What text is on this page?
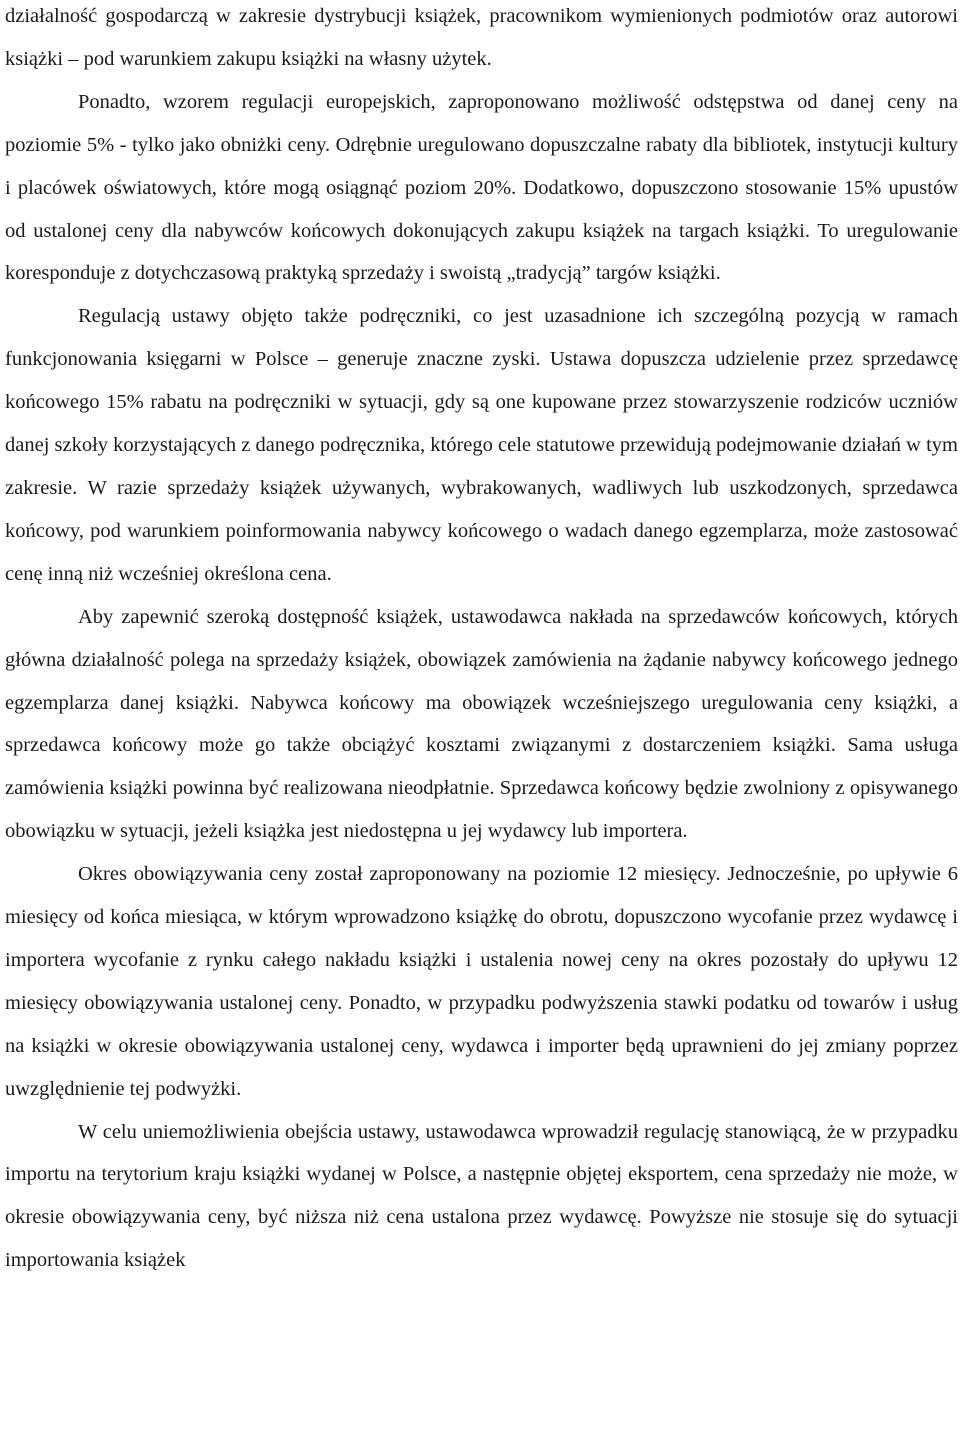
działalność gospodarczą w zakresie dystrybucji książek, pracownikom wymienionych podmiotów oraz autorowi książki – pod warunkiem zakupu książki na własny użytek.

Ponadto, wzorem regulacji europejskich, zaproponowano możliwość odstępstwa od danej ceny na poziomie 5% - tylko jako obniżki ceny. Odrębnie uregulowano dopuszczalne rabaty dla bibliotek, instytucji kultury i placówek oświatowych, które mogą osiągnąć poziom 20%. Dodatkowo, dopuszczono stosowanie 15% upustów od ustalonej ceny dla nabywców końcowych dokonujących zakupu książek na targach książki. To uregulowanie koresponduje z dotychczasową praktyką sprzedaży i swoistą „tradycją” targów książki.

Regulacją ustawy objęto także podręczniki, co jest uzasadnione ich szczególną pozycją w ramach funkcjonowania księgarni w Polsce – generuje znaczne zyski. Ustawa dopuszcza udzielenie przez sprzedawcę końcowego 15% rabatu na podręczniki w sytuacji, gdy są one kupowane przez stowarzyszenie rodziców uczniów danej szkoły korzystających z danego podręcznika, którego cele statutowe przewidują podejmowanie działań w tym zakresie. W razie sprzedaży książek używanych, wybrakowanych, wadliwych lub uszkodzonych, sprzedawca końcowy, pod warunkiem poinformowania nabywcy końcowego o wadach danego egzemplarza, może zastosować cenę inną niż wcześniej określona cena.

Aby zapewnić szeroką dostępność książek, ustawodawca nakłada na sprzedawców końcowych, których główna działalność polega na sprzedaży książek, obowiązek zamówienia na żądanie nabywcy końcowego jednego egzemplarza danej książki. Nabywca końcowy ma obowiązek wcześniejszego uregulowania ceny książki, a sprzedawca końcowy może go także obciążyć kosztami związanymi z dostarczeniem książki. Sama usługa zamówienia książki powinna być realizowana nieodpłatnie. Sprzedawca końcowy będzie zwolniony z opisywanego obowiązku w sytuacji, jeżeli książka jest niedostępna u jej wydawcy lub importera.

Okres obowiązywania ceny został zaproponowany na poziomie 12 miesięcy. Jednocześnie, po upływie 6 miesięcy od końca miesiąca, w którym wprowadzono książkę do obrotu, dopuszczono wycofanie przez wydawcę i importera wycofanie z rynku całego nakładu książki i ustalenia nowej ceny na okres pozostały do upływu 12 miesięcy obowiązywania ustalonej ceny. Ponadto, w przypadku podwyższenia stawki podatku od towarów i usług na książki w okresie obowiązywania ustalonej ceny, wydawca i importer będą uprawnieni do jej zmiany poprzez uwzględnienie tej podwyżki.

W celu uniemożliwienia obejścia ustawy, ustawodawca wprowadził regulację stanowiącą, że w przypadku importu na terytorium kraju książki wydanej w Polsce, a następnie objętej eksportem, cena sprzedaży nie może, w okresie obowiązywania ceny, być niższa niż cena ustalona przez wydawcę. Powyższe nie stosuje się do sytuacji importowania książek
